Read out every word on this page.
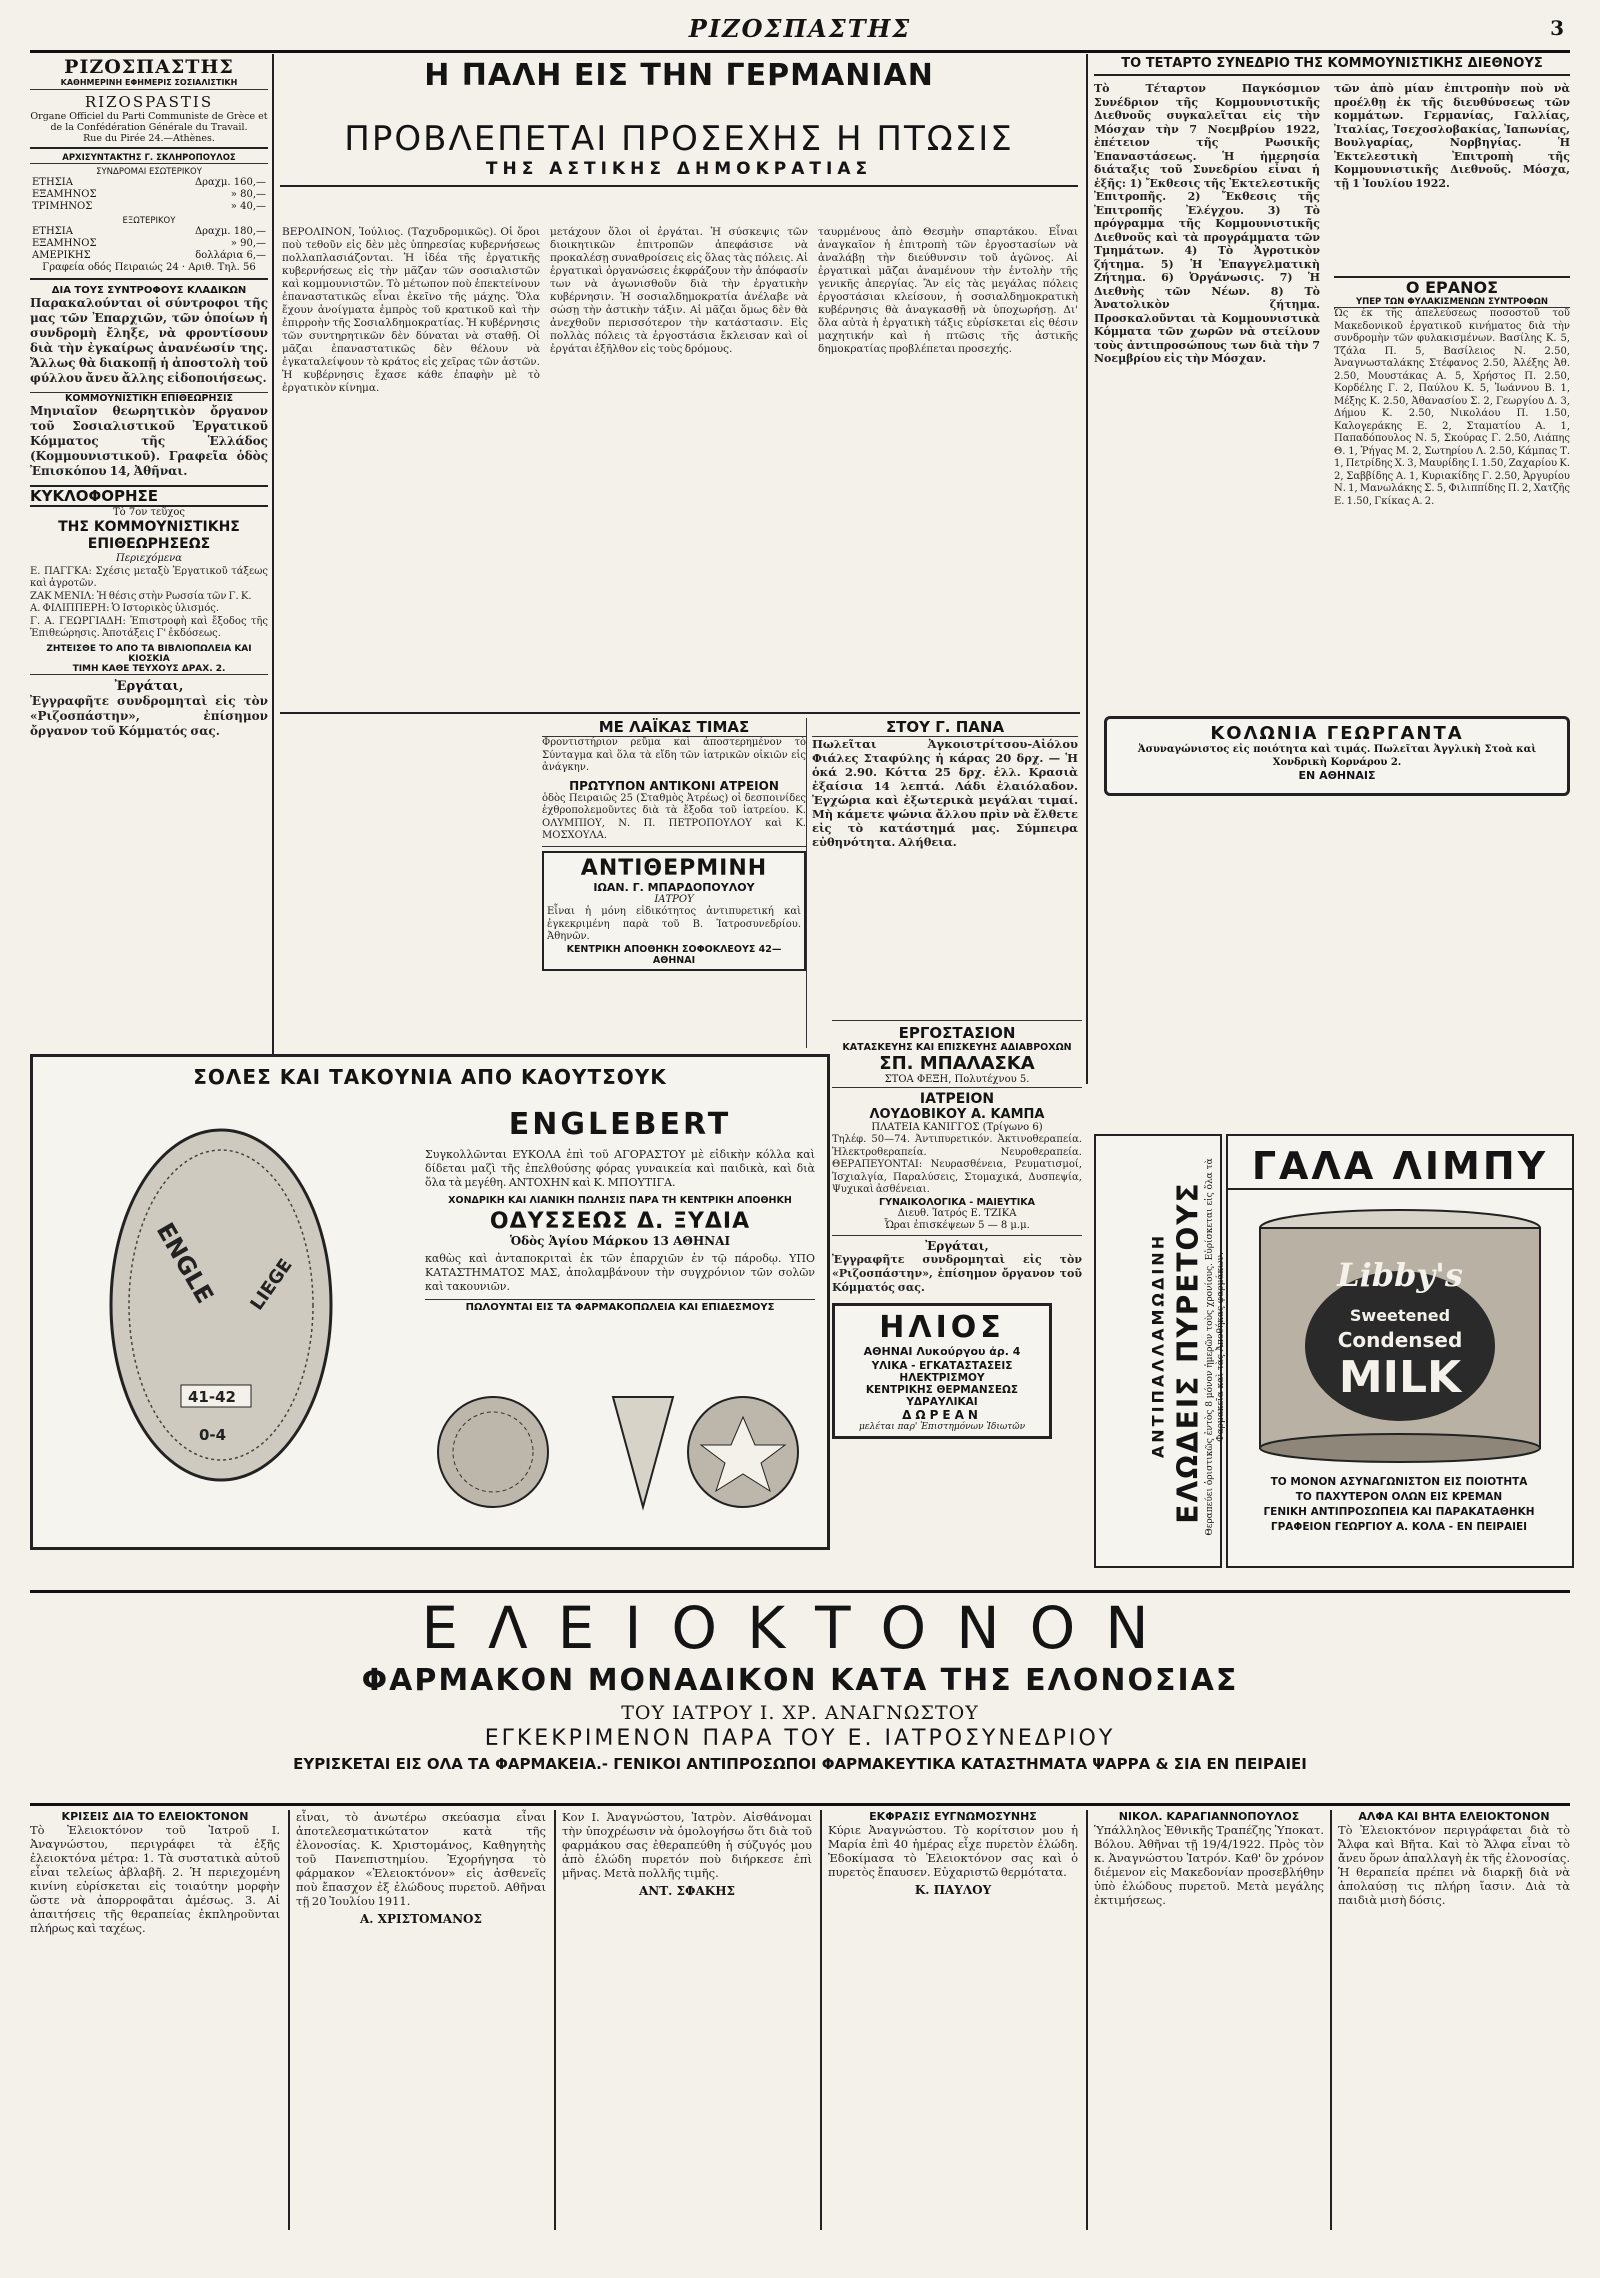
ΡΙΖΟΣΠΑΣΤΗΣ	3
ΡΙΖΟΣΠΑΣΤΗΣ
ΚΑΘΗΜΕΡΙΝΗ ΕΦΗΜΕΡΙΣ ΣΟΣΙΑΛΙΣΤΙΚΗ
RIZOSPASTIS
Organe Officiel du Parti Communiste de Grèce et de la Confédération Générale du Travail.
Rue du Pirée 24.—Athènes.
ΑΡΧΙΣΥΝΤΑΚΤΗΣ Γ. ΣΚΛΗΡΟΠΟΥΛΟΣ
ΣΥΝΔΡΟΜΑΙ ΕΣΩΤΕΡΙΚΟΥ
ΕΤΗΣΙΑ	Δραχμ. 160,—
ΕΞΑΜΗΝΟΣ	» 80,—
ΤΡΙΜΗΝΟΣ	» 40,—
ΕΞΩΤΕΡΙΚΟΥ
ΕΤΗΣΙΑ	Δραχμ. 180,—
ΕΞΑΜΗΝΟΣ	» 90,—
ΑΜΕΡΙΚΗΣ	δολλάρια 6,—
Γραφεία οδός Πειραιώς 24 · Αριθ. Τηλ. 56
ΔΙΑ ΤΟΥΣ ΣΥΝΤΡΟΦΟΥΣ ΚΛΑΔΙΚΩΝ
Παρακαλούνται οἱ σύντροφοι τῆς μας τῶν Ἐπαρχιῶν, τῶν ὁποίων ἡ συνδρομὴ ἔληξε, νὰ φροντίσουν διὰ τὴν ἐγκαίρως ἀνανέωσίν της. Ἄλλως θὰ διακοπῇ ἡ ἀποστολὴ τοῦ φύλλου ἄνευ ἄλλης εἰδοποιήσεως.
ΚΟΜΜΟΥΝΙΣΤΙΚΗ ΕΠΙΘΕΩΡΗΣΙΣ
Μηνιαῖον θεωρητικὸν ὄργανον τοῦ Σοσιαλιστικοῦ Ἐργατικοῦ Κόμματος τῆς Ἑλλάδος (Κομμουνιστικοῦ). Γραφεῖα ὁδὸς Ἐπισκόπου 14, Ἀθῆναι.
ΚΥΚΛΟΦΟΡΗΣΕ
Τὸ 7ον τεῦχος
ΤΗΣ ΚΟΜΜΟΥΝΙΣΤΙΚΗΣ ΕΠΙΘΕΩΡΗΣΕΩΣ
Περιεχόμενα
Ε. ΠΑΓΓΚΑ: Σχέσις μεταξὺ Ἐργατικοῦ τάξεως καὶ ἀγροτῶν.
ΖΑΚ ΜΕΝΙΛ: Ἡ θέσις στὴν Ρωσσία τῶν Γ. Κ.
Α. ΦΙΛΙΠΠΕΡΗ: Ὁ Ιστορικὸς ὑλισμός.
Γ. Α. ΓΕΩΡΓΙΑΔΗ: Ἐπιστροφὴ καὶ ἔξοδος τῆς Ἐπιθεώρησις. Ἀποτάξεις Γ' ἐκδόσεως.
ΖΗΤΕΙΣΘΕ ΤΟ ΑΠΟ ΤΑ ΒΙΒΛΙΟΠΩΛΕΙΑ ΚΑΙ ΚΙΟΣΚΙΑ
ΤΙΜΗ ΚΑΘΕ ΤΕΥΧΟΥΣ ΔΡΑΧ. 2.
Ἐργάται,
Ἐγγραφῆτε συνδρομηταὶ εἰς τὸν «Ριζοσπάστην», ἐπίσημον ὄργανον τοῦ Κόμματός σας.
Η ΠΑΛΗ ΕΙΣ ΤΗΝ ΓΕΡΜΑΝΙΑΝ
ΠΡΟΒΛΕΠΕΤΑΙ ΠΡΟΣΕΧΗΣ Η ΠΤΩΣΙΣ
ΤΗΣ ΑΣΤΙΚΗΣ ΔΗΜΟΚΡΑΤΙΑΣ
ΒΕΡΟΛΙΝΟΝ, Ἰούλιος. (Ταχυδρομικῶς). Οἱ ὅροι ποὺ τεθοῦν εἰς δὲν μὲς ὑπηρεσίας κυβερνήσεως πολλαπλασιάζονται. Ἡ ἰδέα τῆς ἐργατικῆς κυβερνήσεως εἰς τὴν μᾶζαν τῶν σοσιαλιστῶν καὶ κομμουνιστῶν. Τὸ μέτωπον ποὺ ἐπεκτείνουν ἐπαναστατικῶς εἶναι ἐκεῖνο τῆς μάχης. Ὅλα ἔχουν ἀνοίγματα ἐμπρὸς τοῦ κρατικοῦ καὶ τὴν ἐπιρροὴν τῆς Σοσιαλδημοκρατίας. Ἡ κυβέρνησις τῶν συντηρητικῶν δὲν δύναται νὰ σταθῇ. Οἱ μᾶζαι ἐπαναστατικῶς δὲν θέλουν νὰ ἐγκαταλείψουν τὸ κράτος εἰς χεῖρας τῶν ἀστῶν. Ἡ κυβέρνησις ἔχασε κάθε ἐπαφὴν μὲ τὸ ἐργατικὸν κίνημα.
μετάχουν ὅλοι οἱ ἐργάται. Ἡ σύσκεψις τῶν διοικητικῶν ἐπιτροπῶν ἀπεφάσισε νὰ προκαλέσῃ συναθροίσεις εἰς ὅλας τὰς πόλεις. Αἱ ἐργατικαὶ ὀργανώσεις ἐκφράζουν τὴν ἀπόφασίν των νὰ ἀγωνισθοῦν διὰ τὴν ἐργατικὴν κυβέρνησιν. Ἡ σοσιαλδημοκρατία ἀνέλαβε νὰ σώσῃ τὴν ἀστικὴν τάξιν. Αἱ μᾶζαι ὅμως δὲν θὰ ἀνεχθοῦν περισσότερον τὴν κατάστασιν. Εἰς πολλὰς πόλεις τὰ ἐργοστάσια ἔκλεισαν καὶ οἱ ἐργάται ἐξῆλθον εἰς τοὺς δρόμους.
ταυρμένους ἀπὸ Θεσμὴν σπαρτάκου. Εἶναι ἀναγκαῖον ἡ ἐπιτροπὴ τῶν ἐργοστασίων νὰ ἀναλάβῃ τὴν διεύθυνσιν τοῦ ἀγῶνος. Αἱ ἐργατικαὶ μᾶζαι ἀναμένουν τὴν ἐντολὴν τῆς γενικῆς ἀπεργίας. Ἂν εἰς τὰς μεγάλας πόλεις ἐργοστάσιαι κλείσουν, ἡ σοσιαλδημοκρατικὴ κυβέρνησις θὰ ἀναγκασθῇ νὰ ὑποχωρήσῃ. Δι' ὅλα αὐτὰ ἡ ἐργατικὴ τάξις εὑρίσκεται εἰς θέσιν μαχητικήν καὶ ἡ πτῶσις τῆς ἀστικῆς δημοκρατίας προβλέπεται προσεχής.
ΜΕ ΛΑΪΚΑΣ ΤΙΜΑΣ
Φροντιστήριον ρεῦμα καὶ ἀποστερημένον τὸ Σύνταγμα καὶ ὅλα τὰ εἴδη τῶν ἰατρικῶν οἰκιῶν εἰς ἀνάγκην.
ΠΡΩΤΥΠΟΝ ΑΝΤΙΚΟΝΙ ΑΤΡΕΙΟΝ
ὁδὸς Πειραιῶς 25 (Σταθμὸς Ἀτρέως) οἱ δεσποινίδες ἐχθροπολεμοῦντες διὰ τὰ ἔξοδα τοῦ ἰατρείου. Κ. ΟΛΥΜΠΙΟΥ, Ν. Π. ΠΕΤΡΟΠΟΥΛΟΥ καὶ Κ. ΜΟΣΧΟΥΛΑ.
ΑΝΤΙΘΕΡΜΙΝΗ
ΙΩΑΝ. Γ. ΜΠΑΡΔΟΠΟΥΛΟΥ
ΙΑΤΡΟΥ
Εἶναι ἡ μόνη εἰδικότητος ἀντιπυρετική καὶ ἐγκεκριμένη παρὰ τοῦ Β. Ἰατροσυνεδρίου. Ἀθηνῶν.
ΚΕΝΤΡΙΚΗ ΑΠΟΘΗΚΗ ΣΟΦΟΚΛΕΟΥΣ 42—ΑΘΗΝΑΙ
ΣΤΟΥ Γ. ΠΑΝΑ
Πωλεῖται Ἀγκοιστρίτσου-Αἰόλου Φιάλες Σταφύλης ἡ κάρας 20 δρχ. — Ἡ ὁκά 2.90. Κόττα 25 δρχ. ἑλλ. Κρασιὰ ἐξαίσια 14 λεπτά. Λάδι ἐλαιόλαδον. Ἐγχώρια καὶ ἐξωτερικὰ μεγάλαι τιμαί. Μὴ κάμετε ψώνια ἄλλου πρὶν νὰ ἔλθετε εἰς τὸ κατάστημά μας. Σύμπειρα εὐθηνότητα. Αλήθεια.
ΣΟΛΕΣ ΚΑΙ ΤΑΚΟΥΝΙΑ ΑΠΟ ΚΑΟΥΤΣΟΥΚ
ENGLE LIEGE
41-42
0-4
ENGLEBERT
Συγκολλῶνται ΕΥΚΟΛΑ ἐπὶ τοῦ ΑΓΟΡΑΣΤΟΥ μὲ εἰδικὴν κόλλα καὶ δίδεται μαζὶ τῆς ἐπελθούσης φόρας γυναικεία καὶ παιδικὰ, καὶ διὰ ὅλα τὰ μεγέθη. ΑΝΤΟΧΗΝ καὶ Κ. ΜΠΟΥΤΙΓΑ.
ΧΟΝΔΡΙΚΗ ΚΑΙ ΛΙΑΝΙΚΗ ΠΩΛΗΣΙΣ ΠΑΡΑ ΤΗ ΚΕΝΤΡΙΚΗ ΑΠΟΘΗΚΗ
ΟΔΥΣΣΕΩΣ Δ. ΞΥΔΙΑ
Ὁδὸς Ἁγίου Μάρκου 13 ΑΘΗΝΑΙ
καθὼς καὶ ἀνταποκριταὶ ἐκ τῶν ἐπαρχιῶν ἐν τῷ πάροδῳ. ΥΠΟ ΚΑΤΑΣΤΗΜΑΤΟΣ ΜΑΣ, ἀπολαμβάνουν τὴν συγχρόνιον τῶν σολῶν καὶ τακουνιῶν.
ΠΩΛΟΥΝΤΑΙ ΕΙΣ ΤΑ ΦΑΡΜΑΚΟΠΩΛΕΙΑ ΚΑΙ ΕΠΙΔΕΣΜΟΥΣ
ΕΡΓΟΣΤΑΣΙΟΝ
ΚΑΤΑΣΚΕΥΗΣ ΚΑΙ ΕΠΙΣΚΕΥΗΣ ΑΔΙΑΒΡΟΧΩΝ
ΣΠ. ΜΠΑΛΑΣΚΑ
ΣΤΟΑ ΦΕΞΗ, Πολυτέχνου 5.
ΙΑΤΡΕΙΟΝ
ΛΟΥΔΟΒΙΚΟΥ Α. ΚΑΜΠΑ
ΠΛΑΤΕΙΑ ΚΑΝΙΓΓΟΣ (Τρίγωνο 6)
Τηλέφ. 50—74. Ἀντιπυρετικόν. Ἀκτινοθεραπεία. Ἠλεκτροθεραπεία. Νευροθεραπεία. ΘΕΡΑΠΕΥΟΝΤΑΙ: Νευρασθένεια, Ρευματισμοί, Ἰσχιαλγία, Παραλύσεις, Στομαχικά, Δυσπεψία, Ψυχικαὶ ἀσθένειαι.
ΓΥΝΑΙΚΟΛΟΓΙΚΑ - ΜΑΙΕΥΤΙΚΑ
Διευθ. Ἰατρός Ε. ΤΖΙΚΑ
Ὧραι ἐπισκέψεων 5 — 8 μ.μ.
Ἐργάται,
Ἐγγραφῆτε συνδρομηταὶ εἰς τὸν «Ριζοσπάστην», ἐπίσημον ὄργανον τοῦ Κόμματός σας.
ΗΛΙΟΣ
ΑΘΗΝΑΙ Λυκούργου ἀρ. 4
ΥΛΙΚΑ - ΕΓΚΑΤΑΣΤΑΣΕΙΣ
ΗΛΕΚΤΡΙΣΜΟΥ
ΚΕΝΤΡΙΚΗΣ ΘΕΡΜΑΝΣΕΩΣ
ΥΔΡΑΥΛΙΚΑΙ
ΔΩΡΕΑΝ
μελέται παρ' Ἐπιστημόνων Ἰδιωτῶν
ΤΟ ΤΕΤΑΡΤΟ ΣΥΝΕΔΡΙΟ ΤΗΣ ΚΟΜΜΟΥΝΙΣΤΙΚΗΣ ΔΙΕΘΝΟΥΣ
Τὸ Τέταρτον Παγκόσμιον Συνέδριον τῆς Κομμουνιστικῆς Διεθνοῦς συγκαλεῖται εἰς τὴν Μόσχαν τὴν 7 Νοεμβρίου 1922, ἐπέτειον τῆς Ρωσικῆς Ἐπαναστάσεως. Ἡ ἡμερησία διάταξις τοῦ Συνεδρίου εἶναι ἡ ἑξῆς: 1) Ἔκθεσις τῆς Ἐκτελεστικῆς Ἐπιτροπῆς. 2) Ἔκθεσις τῆς Ἐπιτροπῆς Ἐλέγχου. 3) Τὸ πρόγραμμα τῆς Κομμουνιστικῆς Διεθνοῦς καὶ τὰ προγράμματα τῶν Τμημάτων. 4) Τὸ Ἀγροτικὸν ζήτημα. 5) Ἡ Ἐπαγγελματικὴ Ζήτημα. 6) Ὀργάνωσις. 7) Ἡ Διεθνὴς τῶν Νέων. 8) Τὸ Ἀνατολικὸν ζήτημα. Προσκαλοῦνται τὰ Κομμουνιστικὰ Κόμματα τῶν χωρῶν νὰ στείλουν τοὺς ἀντιπροσώπους των διὰ τὴν 7 Νοεμβρίου εἰς τὴν Μόσχαν.
τῶν ἀπὸ μίαν ἐπιτροπὴν ποὺ νὰ προέλθῃ ἐκ τῆς διευθύνσεως τῶν κομμάτων. Γερμανίας, Γαλλίας, Ἰταλίας, Τσεχοσλοβακίας, Ἰαπωνίας, Βουλγαρίας, Νορβηγίας. Ἡ Ἐκτελεστικὴ Ἐπιτροπὴ τῆς Κομμουνιστικῆς Διεθνοῦς. Μόσχα, τῇ 1 Ἰουλίου 1922.
Ο ΕΡΑΝΟΣ
ΥΠΕΡ ΤΩΝ ΦΥΛΑΚΙΣΜΕΝΩΝ ΣΥΝΤΡΟΦΩΝ
Ὡς ἐκ τῆς ἀπελεύσεως ποσοστοῦ τοῦ Μακεδονικοῦ ἐργατικοῦ κινήματος διὰ τὴν συνδρομὴν τῶν φυλακισμένων. Βασίλης Κ. 5, Τζάλα Π. 5, Βασίλειος Ν. 2.50, Ἀναγνωσταλάκης Στέφανος 2.50, Ἀλέξης Ἀθ. 2.50, Μουστάκας Α. 5, Χρήστος Π. 2.50, Κορδέλης Γ. 2, Παύλου Κ. 5, Ἰωάννου Β. 1, Μέξης Κ. 2.50, Ἀθανασίου Σ. 2, Γεωργίου Δ. 3, Δήμου Κ. 2.50, Νικολάου Π. 1.50, Καλογεράκης Ε. 2, Σταματίου Α. 1, Παπαδόπουλος Ν. 5, Σκούρας Γ. 2.50, Λιάπης Θ. 1, Ῥήγας Μ. 2, Σωτηρίου Λ. 2.50, Κάμπας Τ. 1, Πετρίδης Χ. 3, Μαυρίδης Ι. 1.50, Ζαχαρίου Κ. 2, Σαββίδης Α. 1, Κυριακίδης Γ. 2.50, Ἀργυρίου Ν. 1, Μανωλάκης Σ. 5, Φιλιππίδης Π. 2, Χατζῆς Ε. 1.50, Γκίκας Α. 2.
ΚΟΛΩΝΙΑ ΓΕΩΡΓΑΝΤΑ
Ἀσυναγώνιστος εἰς ποιότητα καὶ τιμάς. Πωλεῖται Ἀγγλικὴ Στοὰ καὶ Χονδρικὴ Κορνάρου 2.
ΕΝ ΑΘΗΝΑΙΣ
ΑΝΤΙΠΑΛΛΑΜΩΔΙΝΗ ΕΛΩΔΕΙΣ ΠΥΡΕΤΟΥΣ Θεραπεύει ὁριστικῶς ἐντὸς 8 μόνον ἡμερῶν τοὺς χρονίους. Εὑρίσκεται εἰς ὅλα τὰ Φαρμακεῖα καὶ τὰς Ἀποθήκας φαρμάκων.
ΓΑΛΑ ΛΙΜΠΥ
Libby's
Sweetened
Condensed
MILK
ΤΟ ΜΟΝΟΝ ΑΣΥΝΑΓΩΝΙΣΤΟΝ ΕΙΣ ΠΟΙΟΤΗΤΑ
ΤΟ ΠΑΧΥΤΕΡΟΝ ΟΛΩΝ ΕΙΣ ΚΡΕΜΑΝ
ΓΕΝΙΚΗ ΑΝΤΙΠΡΟΣΩΠΕΙΑ ΚΑΙ ΠΑΡΑΚΑΤΑΘΗΚΗ
ΓΡΑΦΕΙΟΝ ΓΕΩΡΓΙΟΥ Α. ΚΟΛΑ - ΕΝ ΠΕΙΡΑΙΕΙ
ΕΛΕΙΟΚΤΟΝΟΝ
ΦΑΡΜΑΚΟΝ ΜΟΝΑΔΙΚΟΝ ΚΑΤΑ ΤΗΣ ΕΛΟΝΟΣΙΑΣ
ΤΟΥ ΙΑΤΡΟΥ Ι. ΧΡ. ΑΝΑΓΝΩΣΤΟΥ
ΕΓΚΕΚΡΙΜΕΝΟΝ ΠΑΡΑ ΤΟΥ Ε. ΙΑΤΡΟΣΥΝΕΔΡΙΟΥ
ΕΥΡΙΣΚΕΤΑΙ ΕΙΣ ΟΛΑ ΤΑ ΦΑΡΜΑΚΕΙΑ.- ΓΕΝΙΚΟΙ ΑΝΤΙΠΡΟΣΩΠΟΙ ΦΑΡΜΑΚΕΥΤΙΚΑ ΚΑΤΑΣΤΗΜΑΤΑ ΨΑΡΡΑ & ΣΙΑ ΕΝ ΠΕΙΡΑΙΕΙ
ΚΡΙΣΕΙΣ ΔΙΑ ΤΟ ΕΛΕΙΟΚΤΟΝΟΝ
Τὸ Ἐλειοκτόνον τοῦ Ἰατροῦ Ι. Ἀναγνώστου, περιγράφει τὰ ἑξῆς ἐλειοκτόνα μέτρα: 1. Τὰ συστατικὰ αὐτοῦ εἶναι τελείως ἀβλαβῆ. 2. Ἡ περιεχομένη κινίνη εὑρίσκεται εἰς τοιαύτην μορφὴν ὥστε νὰ ἀπορροφᾶται ἀμέσως. 3. Αἱ ἀπαιτήσεις τῆς θεραπείας ἐκπληροῦνται πλήρως καὶ ταχέως.
εἶναι, τὸ ἀνωτέρω σκεύασμα εἶναι ἀποτελεσματικώτατον κατὰ τῆς ἐλονοσίας. Κ. Χριστομάνος, Καθηγητὴς τοῦ Πανεπιστημίου. Ἐχορήγησα τὸ φάρμακον «Ἐλειοκτόνον» εἰς ἀσθενεῖς ποὺ ἔπασχον ἐξ ἐλώδους πυρετοῦ. Αθῆναι τῇ 20 Ἰουλίου 1911.
Α. ΧΡΙΣΤΟΜΑΝΟΣ
Κον Ι. Ἀναγνώστου, Ἰατρὸν. Αἰσθάνομαι τὴν ὑποχρέωσιν νὰ ὁμολογήσω ὅτι διὰ τοῦ φαρμάκου σας ἐθεραπεύθη ἡ σύζυγός μου ἀπὸ ἐλώδη πυρετόν ποὺ διήρκεσε ἐπὶ μῆνας. Μετὰ πολλῆς τιμῆς.
ΑΝΤ. ΣΦΑΚΗΣ
ΕΚΦΡΑΣΙΣ ΕΥΓΝΩΜΟΣΥΝΗΣ
Κύριε Ἀναγνώστου. Τὸ κορίτσιον μου ἡ Μαρία ἐπὶ 40 ἡμέρας εἶχε πυρετὸν ἐλώδη. Ἐδοκίμασα τὸ Ἐλειοκτόνον σας καὶ ὁ πυρετὸς ἔπαυσεν. Εὐχαριστῶ θερμότατα.
Κ. ΠΑΥΛΟΥ
ΝΙΚΟΛ. ΚΑΡΑΓΙΑΝΝΟΠΟΥΛΟΣ
Ὑπάλληλος Ἐθνικῆς Τραπέζης Ὑποκατ. Βόλου. Ἀθῆναι τῇ 19/4/1922. Πρὸς τὸν κ. Ἀναγνώστου Ἰατρόν. Καθ' ὃν χρόνον διέμενον εἰς Μακεδονίαν προσεβλήθην ὑπὸ ἐλώδους πυρετοῦ. Μετὰ μεγάλης ἐκτιμήσεως.
ΑΛΦΑ ΚΑΙ ΒΗΤΑ ΕΛΕΙΟΚΤΟΝΟΝ
Τὸ Ἐλειοκτόνον περιγράφεται διὰ τὸ Ἄλφα καὶ Βῆτα. Καὶ τὸ Ἄλφα εἶναι τὸ ἄνευ ὅρων ἀπαλλαγὴ ἐκ τῆς ἐλονοσίας. Ἡ θεραπεία πρέπει νὰ διαρκῇ διὰ νὰ ἀπολαύσῃ τις πλήρη ἴασιν. Διὰ τὰ παιδιὰ μισὴ δόσις.
